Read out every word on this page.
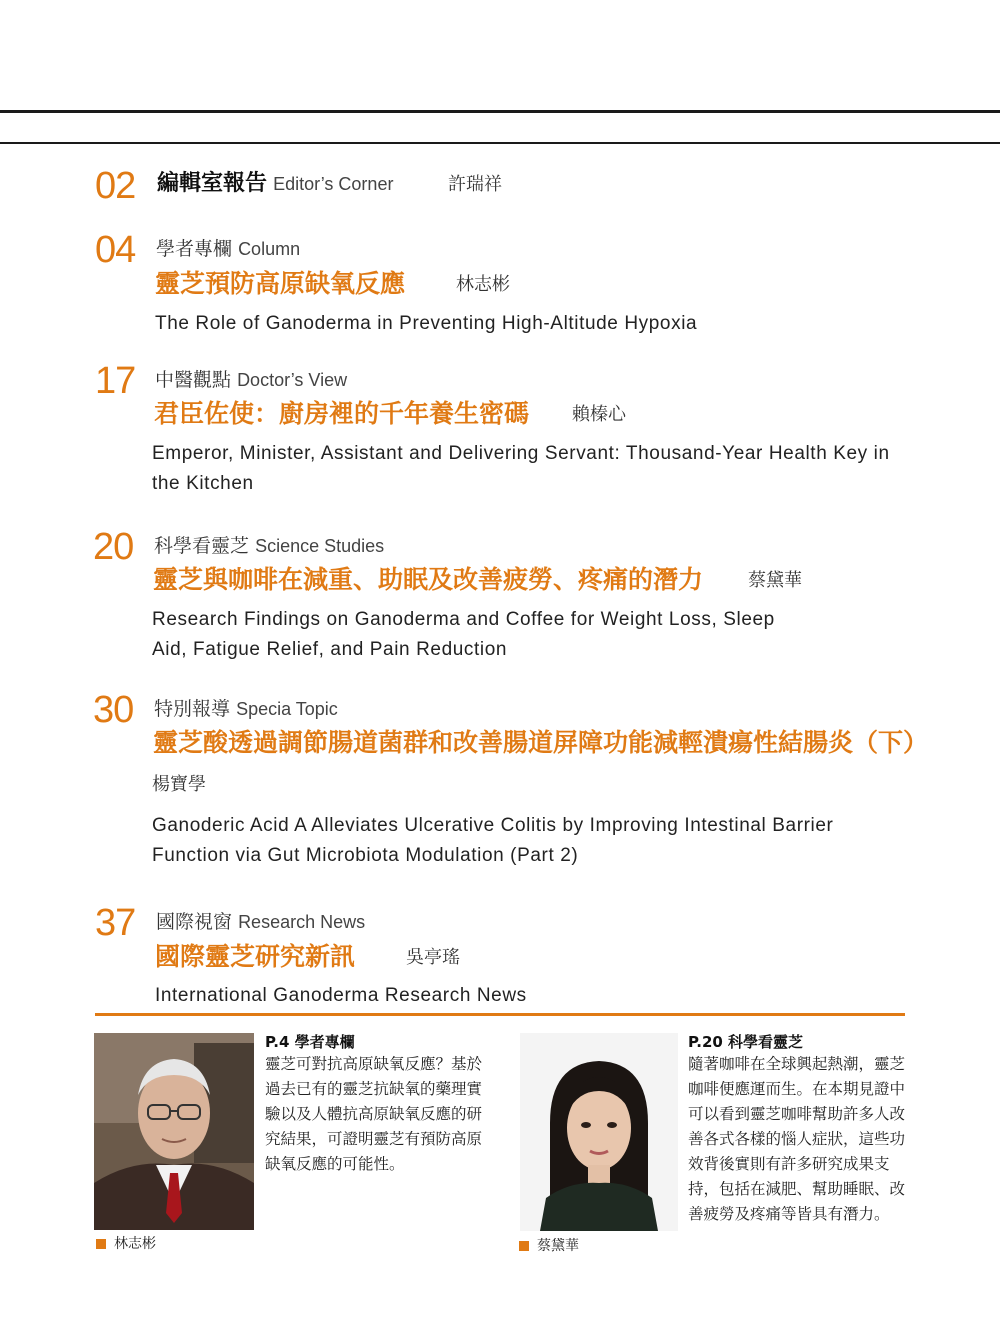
02 編輯室報告 Editor’s Corner	許瑞祥
04 學者專欄 Column
靈芝預防高原缺氧反應	林志彬
The Role of Ganoderma in Preventing High-Altitude Hypoxia
17 中醫觀點 Doctor’s View
君臣佐使：廚房裡的千年養生密碼 賴榛心
Emperor, Minister, Assistant and Delivering Servant: Thousand-Year Health Key in the Kitchen
20 科學看靈芝 Science Studies
靈芝與咖啡在減重、助眠及改善疲勞、疼痛的潛力 蔡黛華
Research Findings on Ganoderma and Coffee for Weight Loss, Sleep Aid, Fatigue Relief, and Pain Reduction
30 特別報導 Specia Topic
靈芝酸透過調節腸道菌群和改善腸道屏障功能減輕潰瘍性結腸炎（下）
楊寶學
Ganoderic Acid A Alleviates Ulcerative Colitis by Improving Intestinal Barrier Function via Gut Microbiota Modulation (Part 2)
37 國際視窗 Research News
國際靈芝研究新訊	吳亭瑤
International Ganoderma Research News
林志彬
P.4 學者專欄
靈芝可對抗高原缺氧反應？基於過去已有的靈芝抗缺氧的藥理實驗以及人體抗高原缺氧反應的研究結果，可證明靈芝有預防高原缺氧反應的可能性。
蔡黛華
P.20 科學看靈芝
隨著咖啡在全球興起熱潮，靈芝咖啡便應運而生。在本期見證中可以看到靈芝咖啡幫助許多人改善各式各樣的惱人症狀，這些功效背後實則有許多研究成果支持，包括在減肥、幫助睡眠、改善疲勞及疼痛等皆具有潛力。
